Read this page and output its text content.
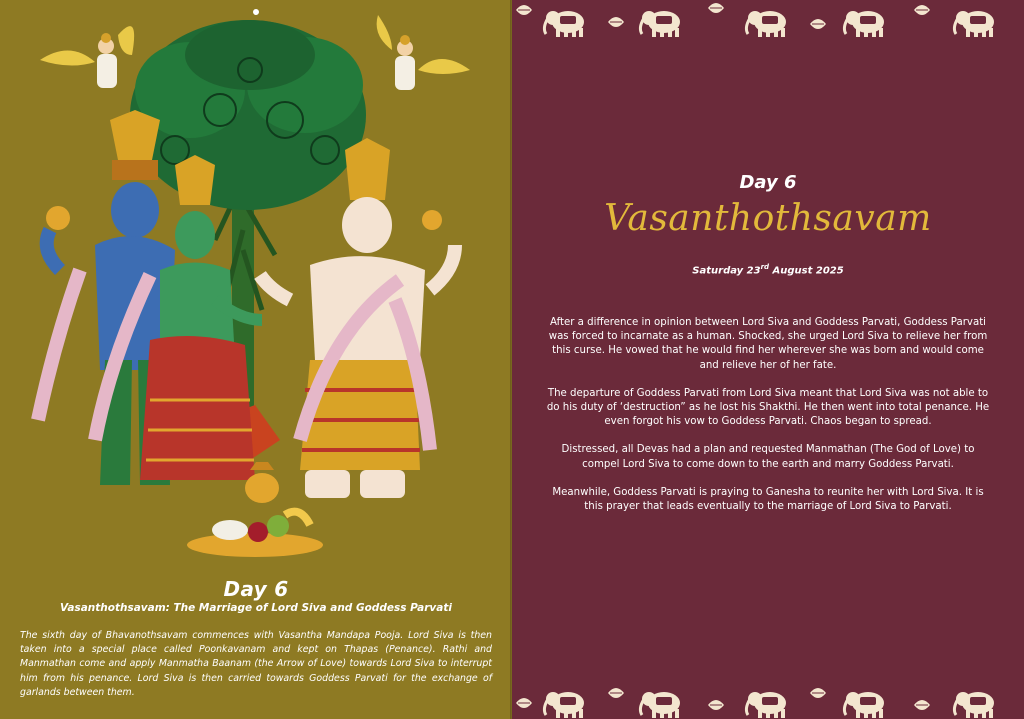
Day 6
Vasanthothsavam: The Marriage of Lord Siva and Goddess Parvati
The sixth day of Bhavanothsavam commences with Vasantha Mandapa Pooja. Lord Siva is then taken into a special place called Poonkavanam and kept on Thapas (Penance). Rathi and Manmathan come and apply Manmatha Baanam (the Arrow of Love) towards Lord Siva to interrupt him from his penance. Lord Siva is then carried towards Goddess Parvati for the exchange of garlands between them.
Day 6
Vasanthothsavam
Saturday 23rd August 2025

After a difference in opinion between Lord Siva and Goddess Parvati, Goddess Parvati was forced to incarnate as a human. Shocked, she urged Lord Siva to relieve her from this curse. He vowed that he would find her wherever she was born and would come and relieve her of her fate.

The departure of Goddess Parvati from Lord Siva meant that Lord Siva was not able to do his duty of ‘destruction” as he lost his Shakthi. He then went into total penance. He even forgot his vow to Goddess Parvati. Chaos began to spread.

Distressed, all Devas had a plan and requested Manmathan (The God of Love) to compel Lord Siva to come down to the earth and marry Goddess Parvati.

Meanwhile, Goddess Parvati is praying to Ganesha to reunite her with Lord Siva. It is this prayer that leads eventually to the marriage of Lord Siva to Parvati.
